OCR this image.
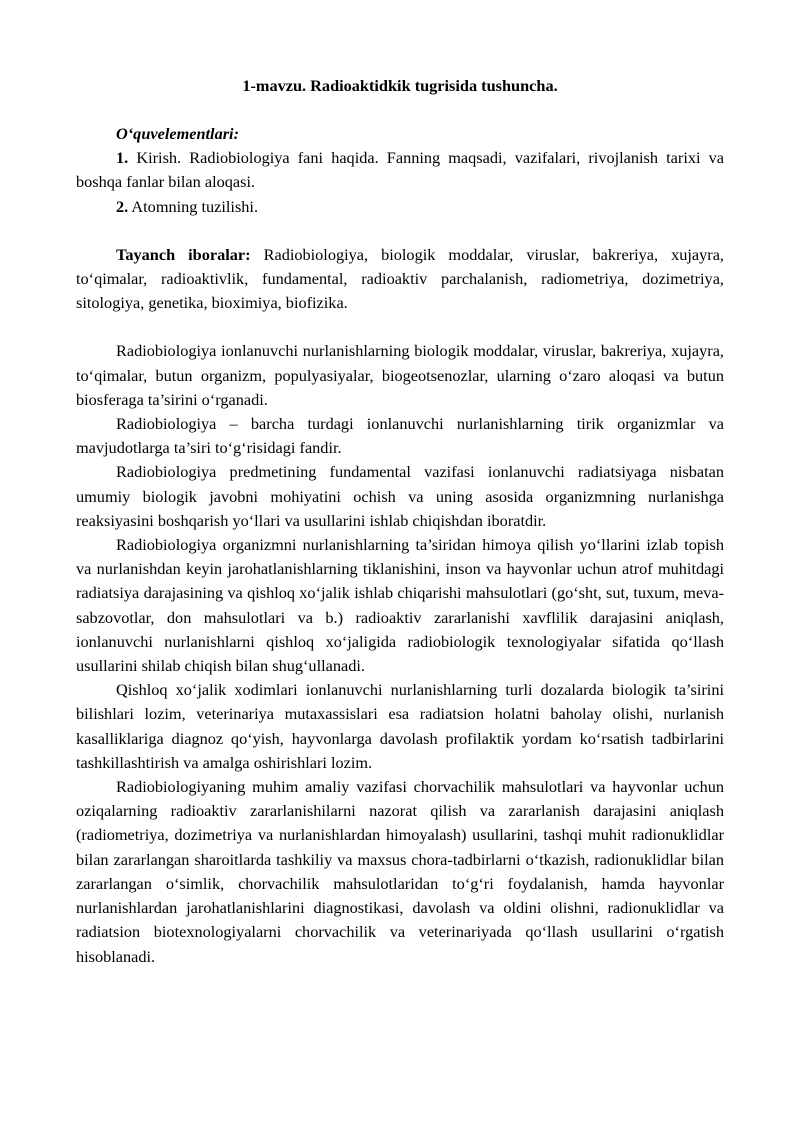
1-mavzu. Radioaktidkik tugrisida tushuncha.

O‘quvelementlari:

1. Kirish. Radiobiologiya fani haqida. Fanning maqsadi, vazifalari, rivojlanish tarixi va boshqa fanlar bilan aloqasi.

2. Atomning tuzilishi.

Tayanch iboralar: Radiobiologiya, biologik moddalar, viruslar, bakreriya, xujayra, to‘qimalar, radioaktivlik, fundamental, radioaktiv parchalanish, radiometriya, dozimetriya, sitologiya, genetika, bioximiya, biofizika.

Radiobiologiya ionlanuvchi nurlanishlarning biologik moddalar, viruslar, bakreriya, xujayra, to‘qimalar, butun organizm, populyasiyalar, biogeotsenozlar, ularning o‘zaro aloqasi va butun biosferaga ta’sirini o‘rganadi.

Radiobiologiya – barcha turdagi ionlanuvchi nurlanishlarning tirik organizmlar va mavjudotlarga ta’siri to‘g‘risidagi fandir.

Radiobiologiya predmetining fundamental vazifasi ionlanuvchi radiatsiyaga nisbatan umumiy biologik javobni mohiyatini ochish va uning asosida organizmning nurlanishga reaksiyasini boshqarish yo‘llari va usullarini ishlab chiqishdan iboratdir.

Radiobiologiya organizmni nurlanishlarning ta’siridan himoya qilish yo‘llarini izlab topish va nurlanishdan keyin jarohatlanishlarning tiklanishini, inson va hayvonlar uchun atrof muhitdagi radiatsiya darajasining va qishloq xo‘jalik ishlab chiqarishi mahsulotlari (go‘sht, sut, tuxum, meva-sabzovotlar, don mahsulotlari va b.) radioaktiv zararlanishi xavflilik darajasini aniqlash, ionlanuvchi nurlanishlarni qishloq xo‘jaligida radiobiologik texnologiyalar sifatida qo‘llash usullarini shilab chiqish bilan shug‘ullanadi.

Qishloq xo‘jalik xodimlari ionlanuvchi nurlanishlarning turli dozalarda biologik ta’sirini bilishlari lozim, veterinariya mutaxassislari esa radiatsion holatni baholay olishi, nurlanish kasalliklariga diagnoz qo‘yish, hayvonlarga davolash profilaktik yordam ko‘rsatish tadbirlarini tashkillashtirish va amalga oshirishlari lozim.

Radiobiologiyaning muhim amaliy vazifasi chorvachilik mahsulotlari va hayvonlar uchun oziqalarning radioaktiv zararlanishilarni nazorat qilish va zararlanish darajasini aniqlash (radiometriya, dozimetriya va nurlanishlardan himoyalash) usullarini, tashqi muhit radionuklidlar bilan zararlangan sharoitlarda tashkiliy va maxsus chora-tadbirlarni o‘tkazish, radionuklidlar bilan zararlangan o‘simlik, chorvachilik mahsulotlaridan to‘g‘ri foydalanish, hamda hayvonlar nurlanishlardan jarohatlanishlarini diagnostikasi, davolash va oldini olishni, radionuklidlar va radiatsion biotexnologiyalarni chorvachilik va veterinariyada qo‘llash usullarini o‘rgatish hisoblanadi.
